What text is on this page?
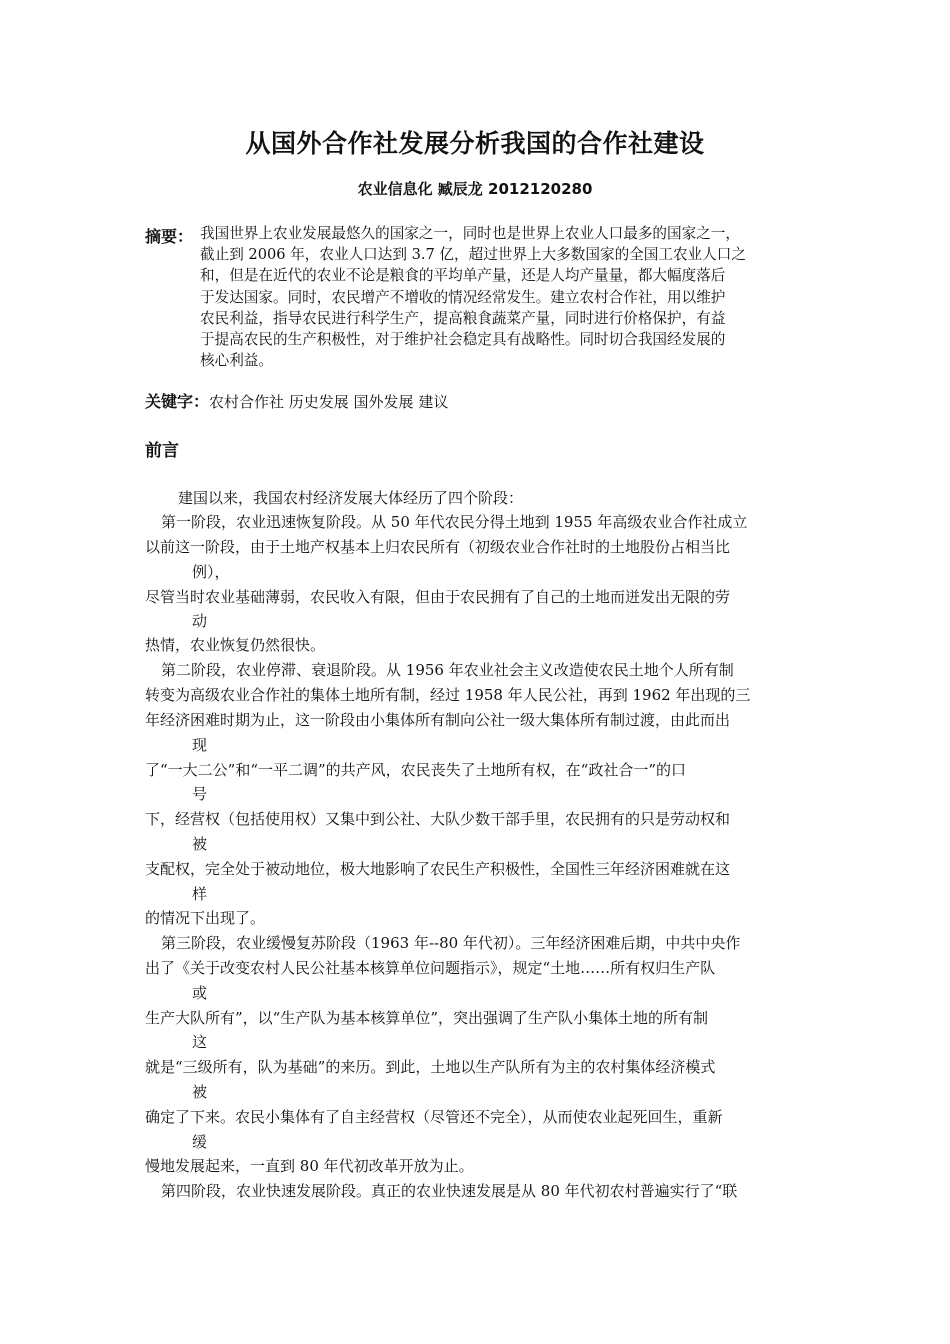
从国外合作社发展分析我国的合作社建设
农业信息化 臧辰龙 2012120280
摘要： 我国世界上农业发展最悠久的国家之一，同时也是世界上农业人口最多的国家之一，
截止到 2006 年，农业人口达到 3.7 亿，超过世界上大多数国家的全国工农业人口之
和，但是在近代的农业不论是粮食的平均单产量，还是人均产量量，都大幅度落后
于发达国家。同时，农民增产不增收的情况经常发生。建立农村合作社，用以维护
农民利益，指导农民进行科学生产，提高粮食蔬菜产量，同时进行价格保护，有益
于提高农民的生产积极性，对于维护社会稳定具有战略性。同时切合我国经发展的
核心利益。
关键字：农村合作社 历史发展 国外发展 建议
前言
建国以来，我国农村经济发展大体经历了四个阶段：
第一阶段，农业迅速恢复阶段。从 50 年代农民分得土地到 1955 年高级农业合作社成立
以前这一阶段，由于土地产权基本上归农民所有（初级农业合作社时的土地股份占相当比
例），
尽管当时农业基础薄弱，农民收入有限，但由于农民拥有了自己的土地而迸发出无限的劳
动
热情，农业恢复仍然很快。
第二阶段，农业停滞、衰退阶段。从 1956 年农业社会主义改造使农民土地个人所有制
转变为高级农业合作社的集体土地所有制，经过 1958 年人民公社，再到 1962 年出现的三
年经济困难时期为止，这一阶段由小集体所有制向公社一级大集体所有制过渡，由此而出
现
了“一大二公”和“一平二调”的共产风，农民丧失了土地所有权，在“政社合一”的口
号
下，经营权（包括使用权）又集中到公社、大队少数干部手里，农民拥有的只是劳动权和
被
支配权，完全处于被动地位，极大地影响了农民生产积极性，全国性三年经济困难就在这
样
的情况下出现了。
第三阶段，农业缓慢复苏阶段（1963 年--80 年代初）。三年经济困难后期，中共中央作
出了《关于改变农村人民公社基本核算单位问题指示》，规定“土地……所有权归生产队
或
生产大队所有”，以“生产队为基本核算单位”，突出强调了生产队小集体土地的所有制
这
就是“三级所有，队为基础”的来历。到此，土地以生产队所有为主的农村集体经济模式
被
确定了下来。农民小集体有了自主经营权（尽管还不完全），从而使农业起死回生，重新
缓
慢地发展起来，一直到 80 年代初改革开放为止。
第四阶段，农业快速发展阶段。真正的农业快速发展是从 80 年代初农村普遍实行了“联
